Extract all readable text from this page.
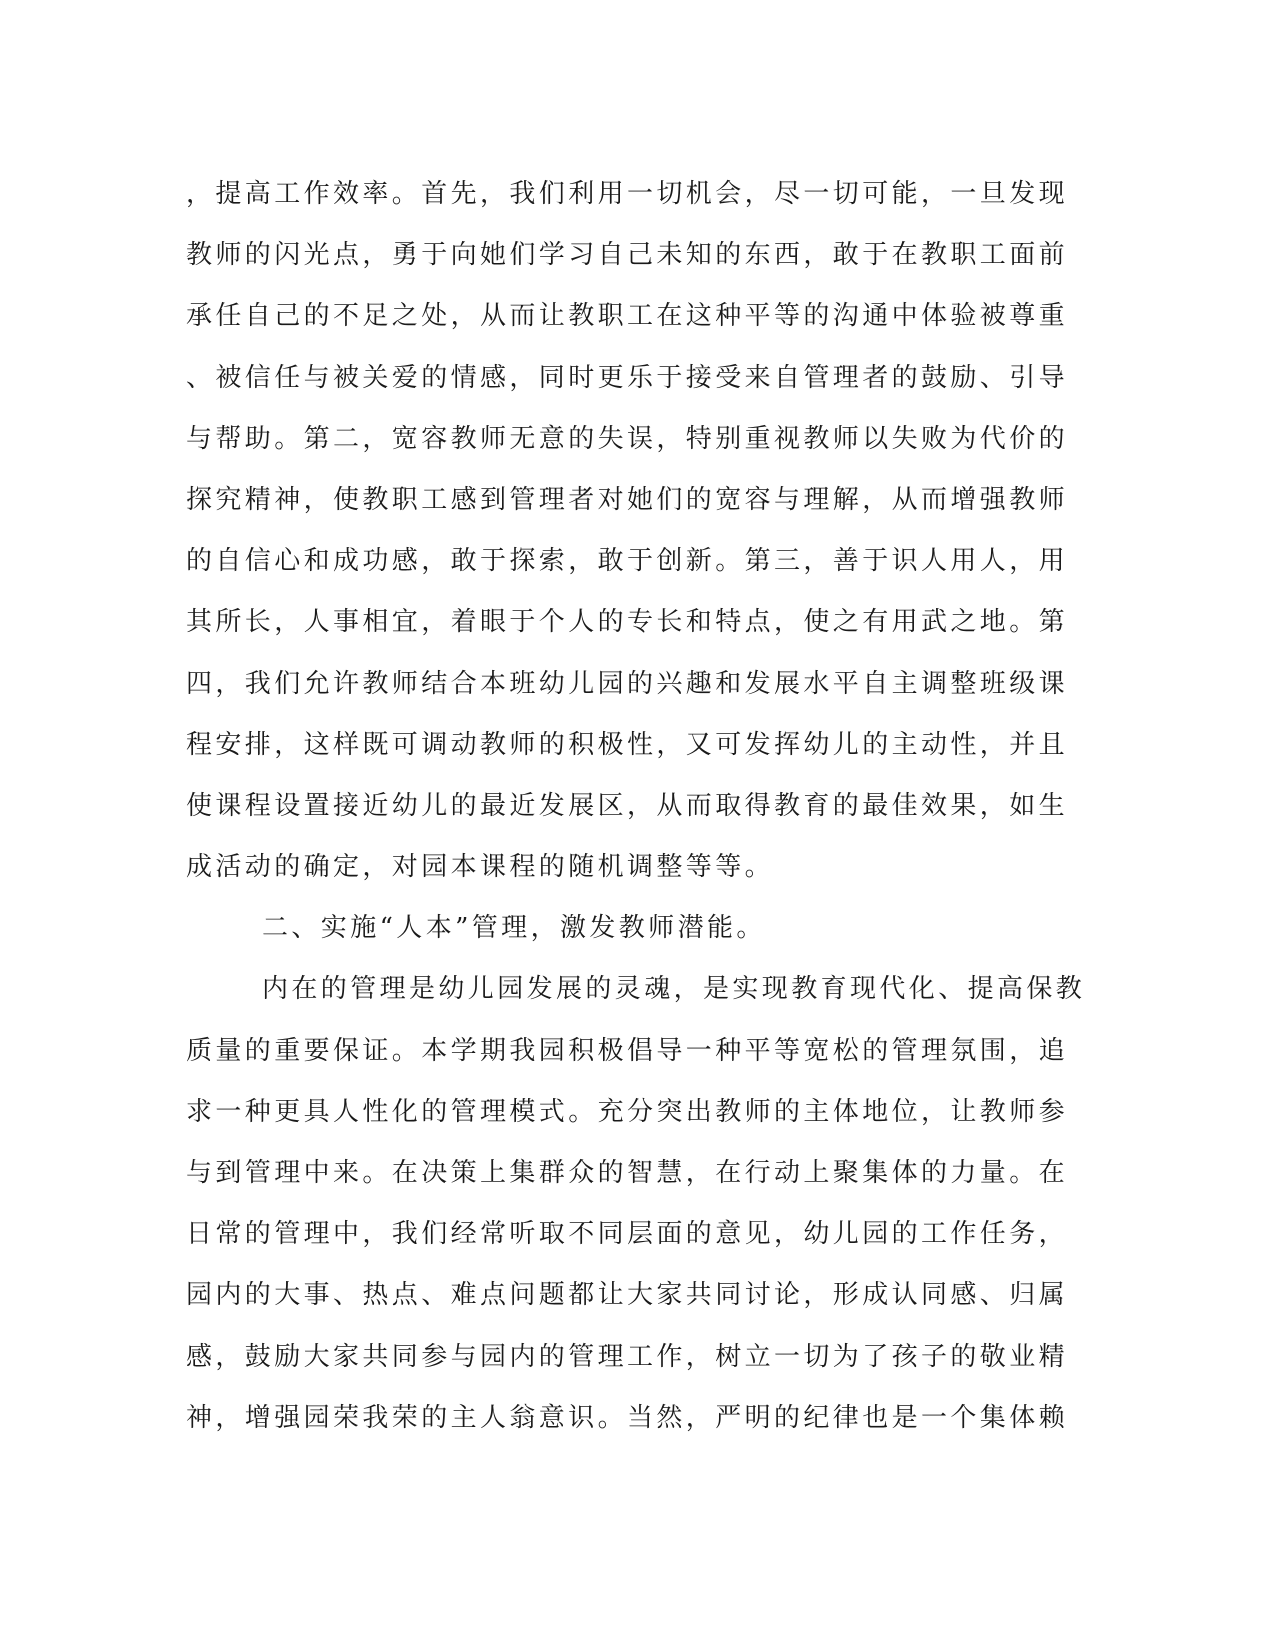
，提高工作效率。首先，我们利用一切机会，尽一切可能，一旦发现
教师的闪光点，勇于向她们学习自己未知的东西，敢于在教职工面前
承任自己的不足之处，从而让教职工在这种平等的沟通中体验被尊重
、被信任与被关爱的情感，同时更乐于接受来自管理者的鼓励、引导
与帮助。第二，宽容教师无意的失误，特别重视教师以失败为代价的
探究精神，使教职工感到管理者对她们的宽容与理解，从而增强教师
的自信心和成功感，敢于探索，敢于创新。第三，善于识人用人，用
其所长，人事相宜，着眼于个人的专长和特点，使之有用武之地。第
四，我们允许教师结合本班幼儿园的兴趣和发展水平自主调整班级课
程安排，这样既可调动教师的积极性，又可发挥幼儿的主动性，并且
使课程设置接近幼儿的最近发展区，从而取得教育的最佳效果，如生
成活动的确定，对园本课程的随机调整等等。
二、实施“人本”管理，激发教师潜能。
内在的管理是幼儿园发展的灵魂，是实现教育现代化、提高保教
质量的重要保证。本学期我园积极倡导一种平等宽松的管理氛围，追
求一种更具人性化的管理模式。充分突出教师的主体地位，让教师参
与到管理中来。在决策上集群众的智慧，在行动上聚集体的力量。在
日常的管理中，我们经常听取不同层面的意见，幼儿园的工作任务，
园内的大事、热点、难点问题都让大家共同讨论，形成认同感、归属
感，鼓励大家共同参与园内的管理工作，树立一切为了孩子的敬业精
神，增强园荣我荣的主人翁意识。当然，严明的纪律也是一个集体赖
